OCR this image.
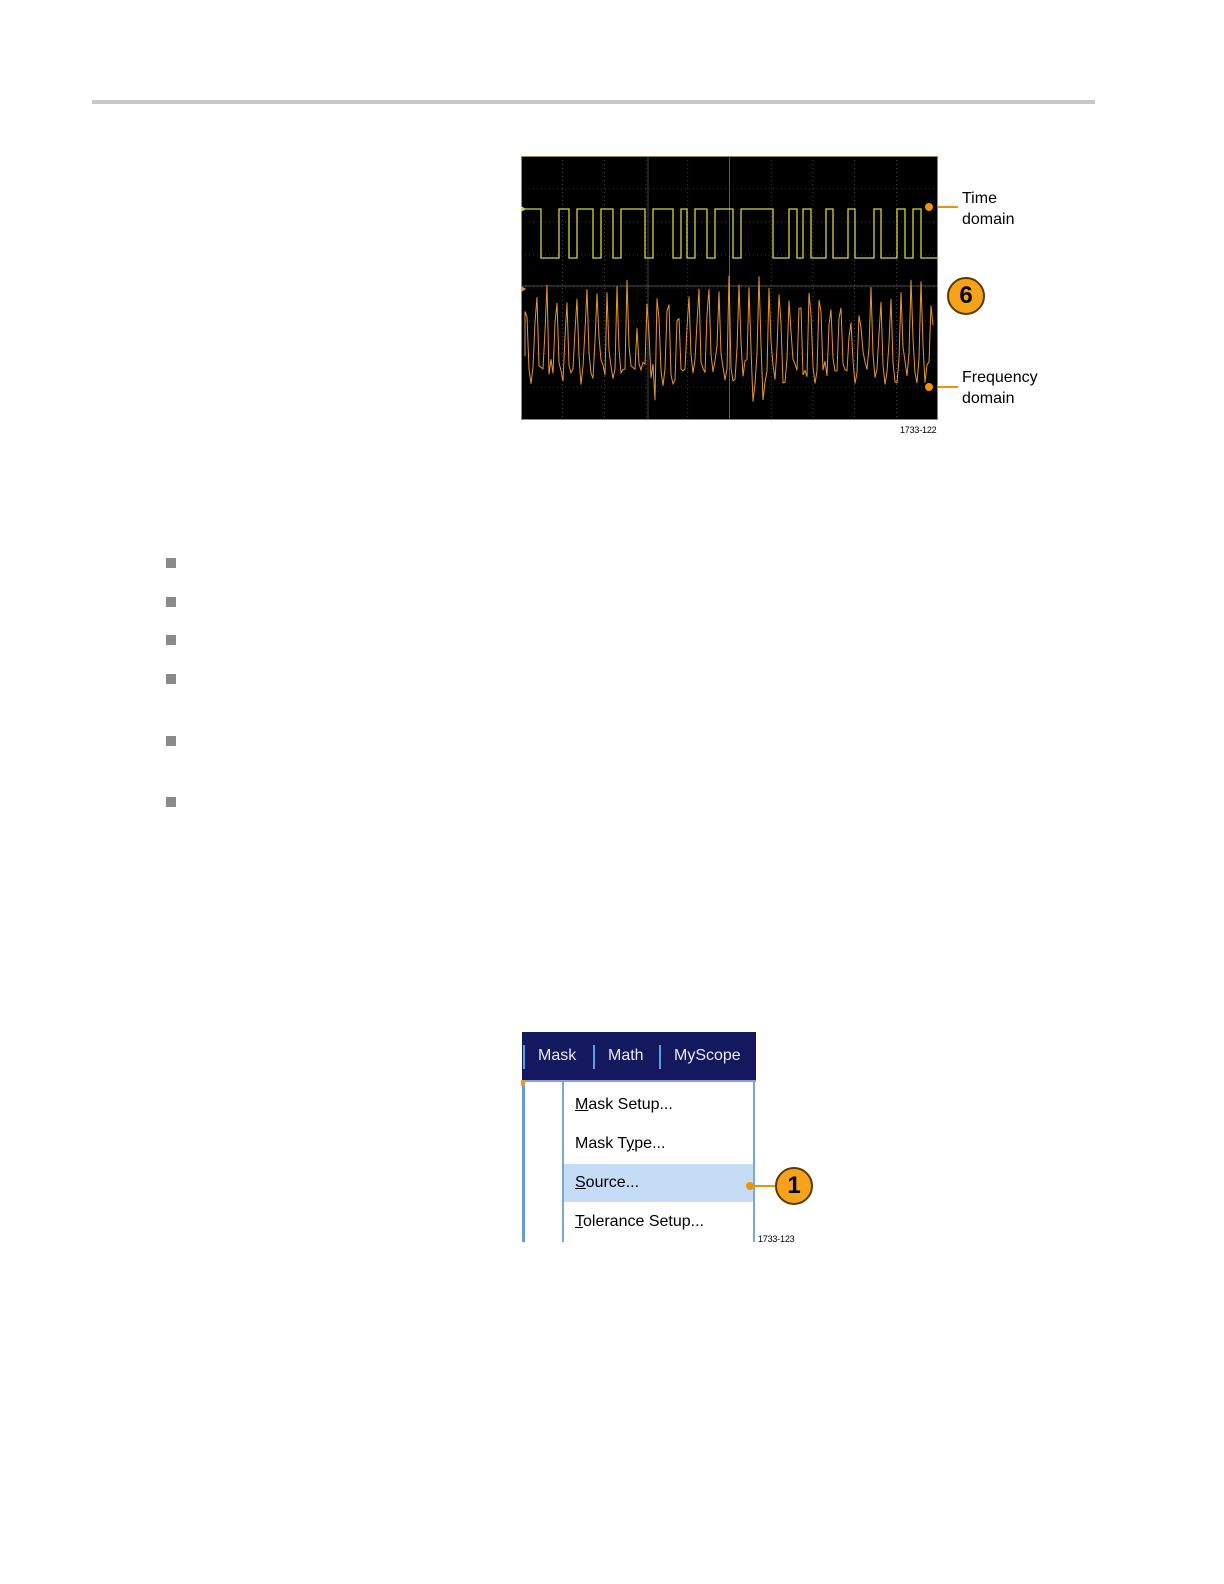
Time
domain
6
Frequency
domain
1733-122
Mask Math MyScope
Mask Setup...
Mask Type...
Source...
Tolerance Setup...
1
1733-123
